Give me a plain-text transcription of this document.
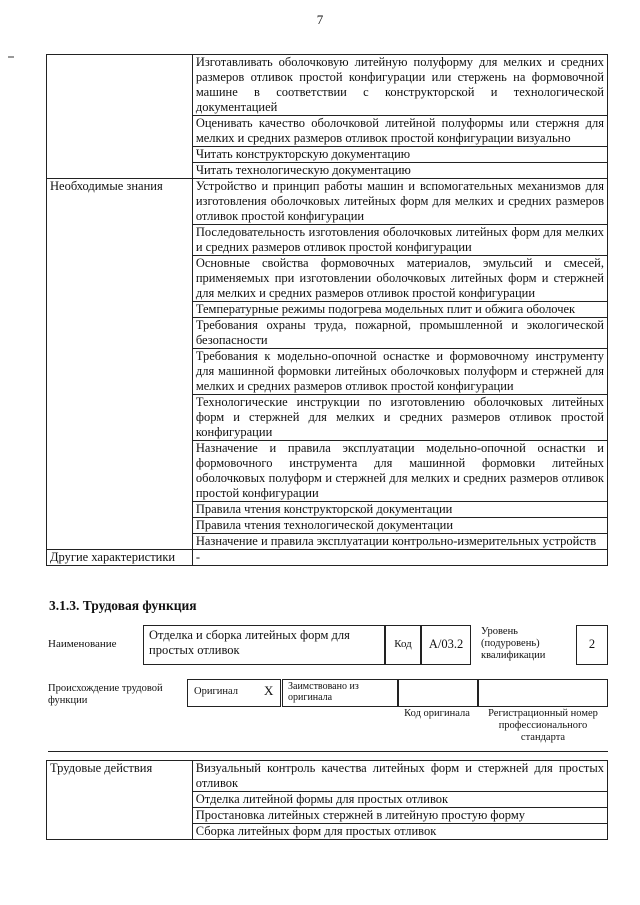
7
	Изготавливать оболочковую литейную полуформу для мелких и средних размеров отливок простой конфигурации или стержень на формовочной машине в соответствии с конструкторской и технологической документацией
	Оценивать качество оболочковой литейной полуформы или стержня для мелких и средних размеров отливок простой конфигурации визуально
	Читать конструкторскую документацию
	Читать технологическую документацию
Необходимые знания	Устройство и принцип работы машин и вспомогательных механизмов для изготовления оболочковых литейных форм для мелких и средних размеров отливок простой конфигурации
	Последовательность изготовления оболочковых литейных форм для мелких и средних размеров отливок простой конфигурации
	Основные свойства формовочных материалов, эмульсий и смесей, применяемых при изготовлении оболочковых литейных форм и стержней для мелких и средних размеров отливок простой конфигурации
	Температурные режимы подогрева модельных плит и обжига оболочек
	Требования охраны труда, пожарной, промышленной и экологической безопасности
	Требования к модельно-опочной оснастке и формовочному инструменту для машинной формовки литейных оболочковых полуформ и стержней для мелких и средних размеров отливок простой конфигурации
	Технологические инструкции по изготовлению оболочковых литейных форм и стержней для мелких и средних размеров отливок простой конфигурации
	Назначение и правила эксплуатации модельно-опочной оснастки и формовочного инструмента для машинной формовки литейных оболочковых полуформ и стержней для мелких и средних размеров отливок простой конфигурации
	Правила чтения конструкторской документации
	Правила чтения технологической документации
	Назначение и правила эксплуатации контрольно-измерительных устройств
Другие характеристики	-
3.1.3. Трудовая функция
Наименование
Отделка и сборка литейных форм для простых отливок	Код	А/03.2
Уровень (подуровень) квалификации
2
Происхождение трудовой функции
Оригинал X	Заимствовано из оригинала
Код оригинала	Регистрационный номер профессионального стандарта
Трудовые действия	Визуальный контроль качества литейных форм и стержней для простых отливок
	Отделка литейной формы для простых отливок
	Простановка литейных стержней в литейную простую форму
	Сборка литейных форм для простых отливок
